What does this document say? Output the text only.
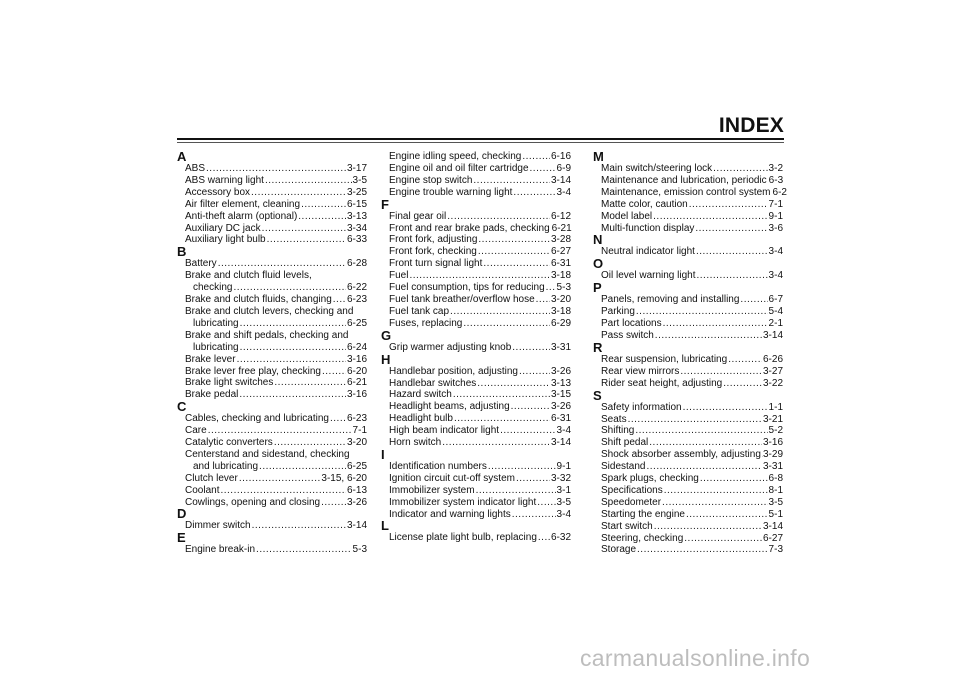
INDEX
A
ABS .....	3-17
ABS warning light .....	3-5
Accessory box .....	3-25
Air filter element, cleaning .....	6-15
Anti-theft alarm (optional) .....	3-13
Auxiliary DC jack .....	3-34
Auxiliary light bulb .....	6-33
B
Battery .....	6-28
Brake and clutch fluid levels,
checking .....	6-22
Brake and clutch fluids, changing ..... 6-23
Brake and clutch levers, checking and
lubricating .....	6-25
Brake and shift pedals, checking and
lubricating .....	6-24
Brake lever .....	3-16
Brake lever free play, checking .....	6-20
Brake light switches .....	6-21
Brake pedal .....	3-16
C
Cables, checking and lubricating ..... 6-23
Care .....	7-1
Catalytic converters .....	3-20
Centerstand and sidestand, checking
and lubricating .....	6-25
Clutch lever .....	3-15, 6-20
Coolant .....	6-13
Cowlings, opening and closing .....	3-26
D
Dimmer switch .....	3-14
E
Engine break-in .....	5-3
Engine idling speed, checking .....	6-16
Engine oil and oil filter cartridge .....	6-9
Engine stop switch .....	3-14
Engine trouble warning light .....	3-4
F
Final gear oil .....	6-12
Front and rear brake pads, checking 6-21
Front fork, adjusting .....	3-28
Front fork, checking .....	6-27
Front turn signal light .....	6-31
Fuel .....	3-18
Fuel consumption, tips for reducing ..... 5-3
Fuel tank breather/overflow hose ..... 3-20
Fuel tank cap .....	3-18
Fuses, replacing .....	6-29
G
Grip warmer adjusting knob .....	3-31
H
Handlebar position, adjusting .....	3-26
Handlebar switches .....	3-13
Hazard switch .....	3-15
Headlight beams, adjusting .....	3-26
Headlight bulb .....	6-31
High beam indicator light .....	3-4
Horn switch .....	3-14
I
Identification numbers .....	9-1
Ignition circuit cut-off system .....	3-32
Immobilizer system .....	3-1
Immobilizer system indicator light ..... 3-5
Indicator and warning lights .....	3-4
L
License plate light bulb, replacing ..... 6-32
M
Main switch/steering lock .....	3-2
Maintenance and lubrication, periodic 6-3
Maintenance, emission control system 6-2
Matte color, caution .....	7-1
Model label .....	9-1
Multi-function display .....	3-6
N
Neutral indicator light .....	3-4
O
Oil level warning light .....	3-4
P
Panels, removing and installing .....	6-7
Parking .....	5-4
Part locations .....	2-1
Pass switch .....	3-14
R
Rear suspension, lubricating .....	6-26
Rear view mirrors .....	3-27
Rider seat height, adjusting .....	3-22
S
Safety information .....	1-1
Seats .....	3-21
Shifting .....	5-2
Shift pedal .....	3-16
Shock absorber assembly, adjusting ..... 3-29
Sidestand .....	3-31
Spark plugs, checking .....	6-8
Specifications .....	8-1
Speedometer .....	3-5
Starting the engine .....	5-1
Start switch .....	3-14
Steering, checking .....	6-27
Storage .....	7-3
carmanualsonline.info
